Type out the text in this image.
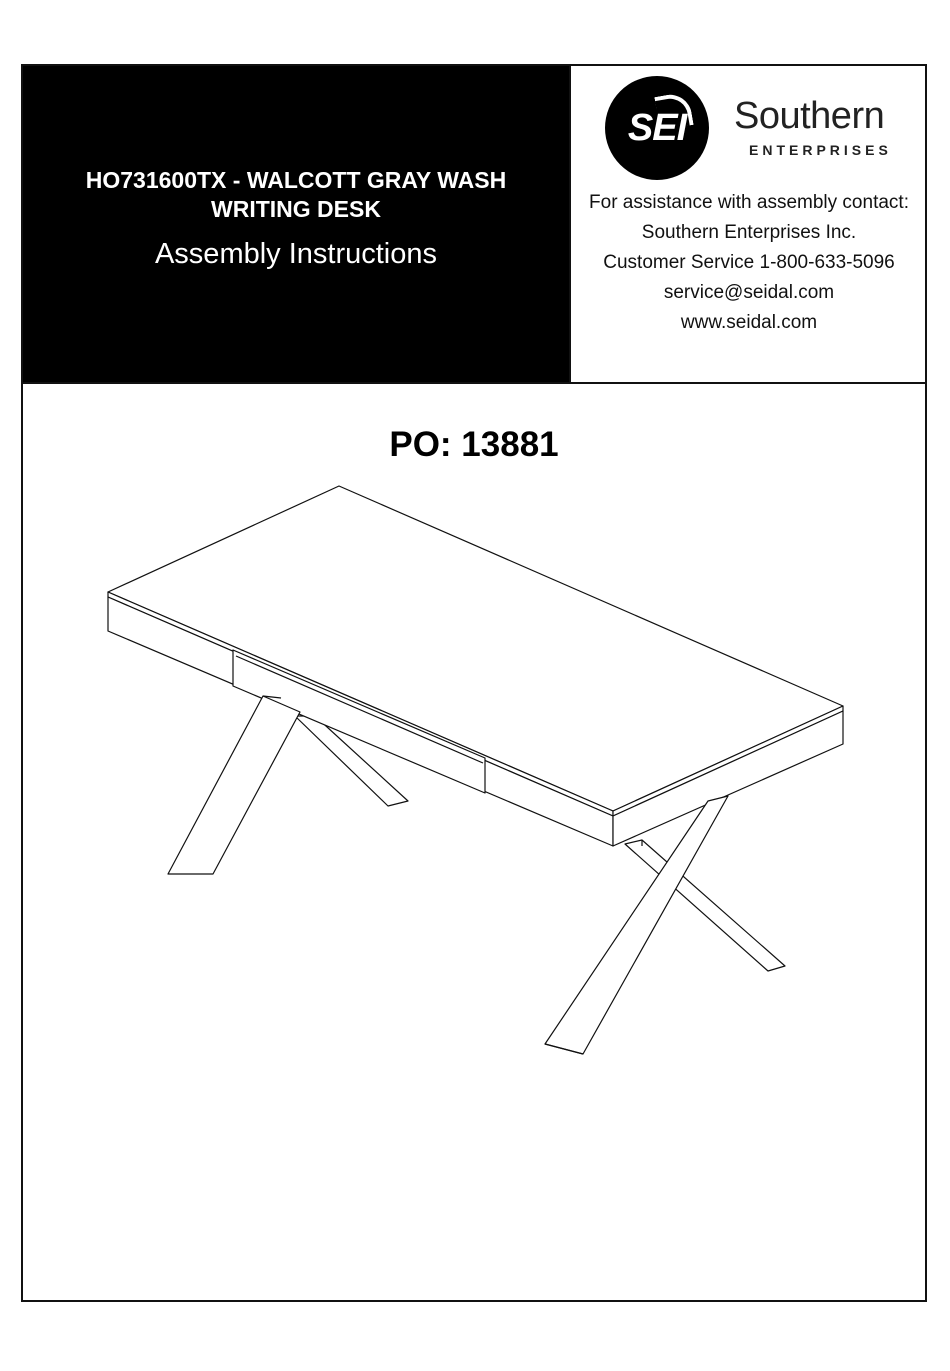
HO731600TX - WALCOTT GRAY WASH
WRITING DESK
Assembly Instructions
SEI	Southern
ENTERPRISES
For assistance with assembly contact:
Southern Enterprises Inc.
Customer Service 1-800-633-5096
service@seidal.com
www.seidal.com
PO: 13881
